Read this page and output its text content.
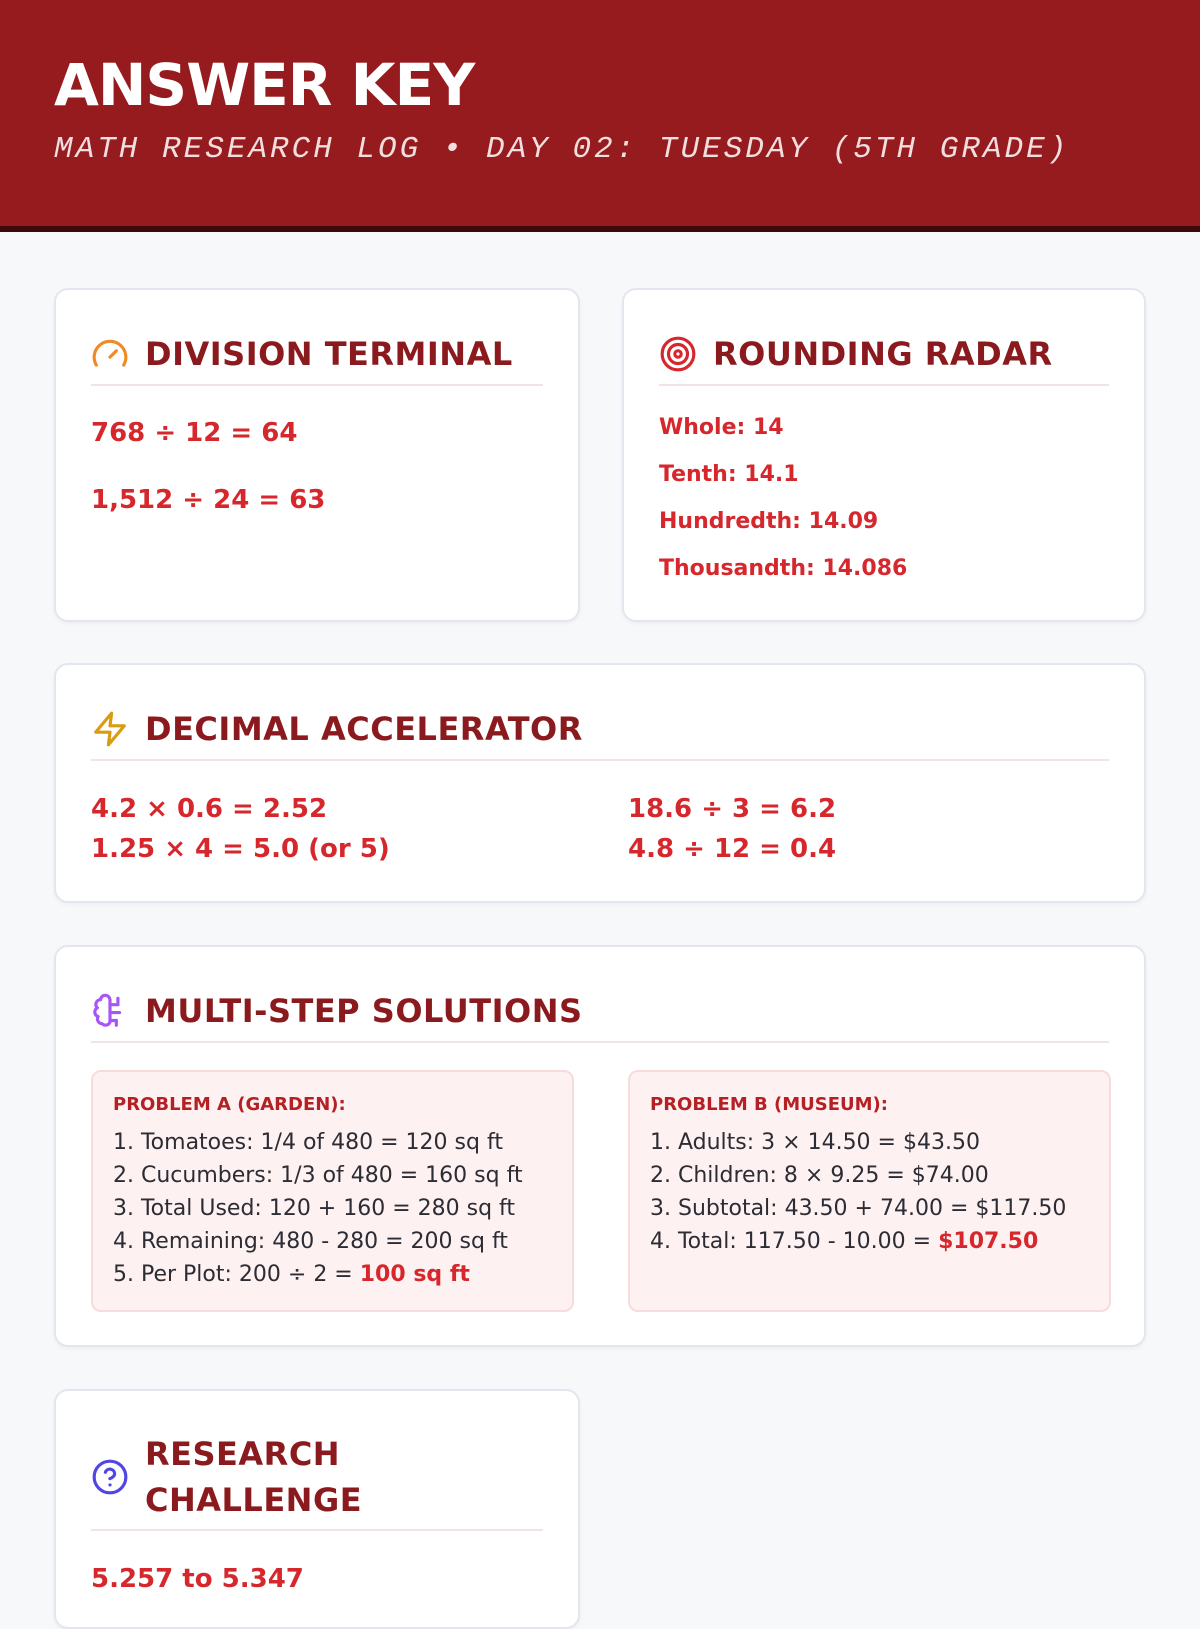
ANSWER KEY
MATH RESEARCH LOG • DAY 02: TUESDAY (5TH GRADE)
DIVISION TERMINAL
768 ÷ 12 = 64
1,512 ÷ 24 = 63
ROUNDING RADAR
Whole: 14
Tenth: 14.1
Hundredth: 14.09
Thousandth: 14.086
DECIMAL ACCELERATOR
4.2 × 0.6 = 2.52
1.25 × 4 = 5.0 (or 5)
18.6 ÷ 3 = 6.2
4.8 ÷ 12 = 0.4
MULTI-STEP SOLUTIONS
PROBLEM A (GARDEN):
1. Tomatoes: 1/4 of 480 = 120 sq ft
2. Cucumbers: 1/3 of 480 = 160 sq ft
3. Total Used: 120 + 160 = 280 sq ft
4. Remaining: 480 - 280 = 200 sq ft
5. Per Plot: 200 ÷ 2 = 100 sq ft
PROBLEM B (MUSEUM):
1. Adults: 3 × 14.50 = $43.50
2. Children: 8 × 9.25 = $74.00
3. Subtotal: 43.50 + 74.00 = $117.50
4. Total: 117.50 - 10.00 = $107.50
RESEARCH
CHALLENGE
5.257 to 5.347
